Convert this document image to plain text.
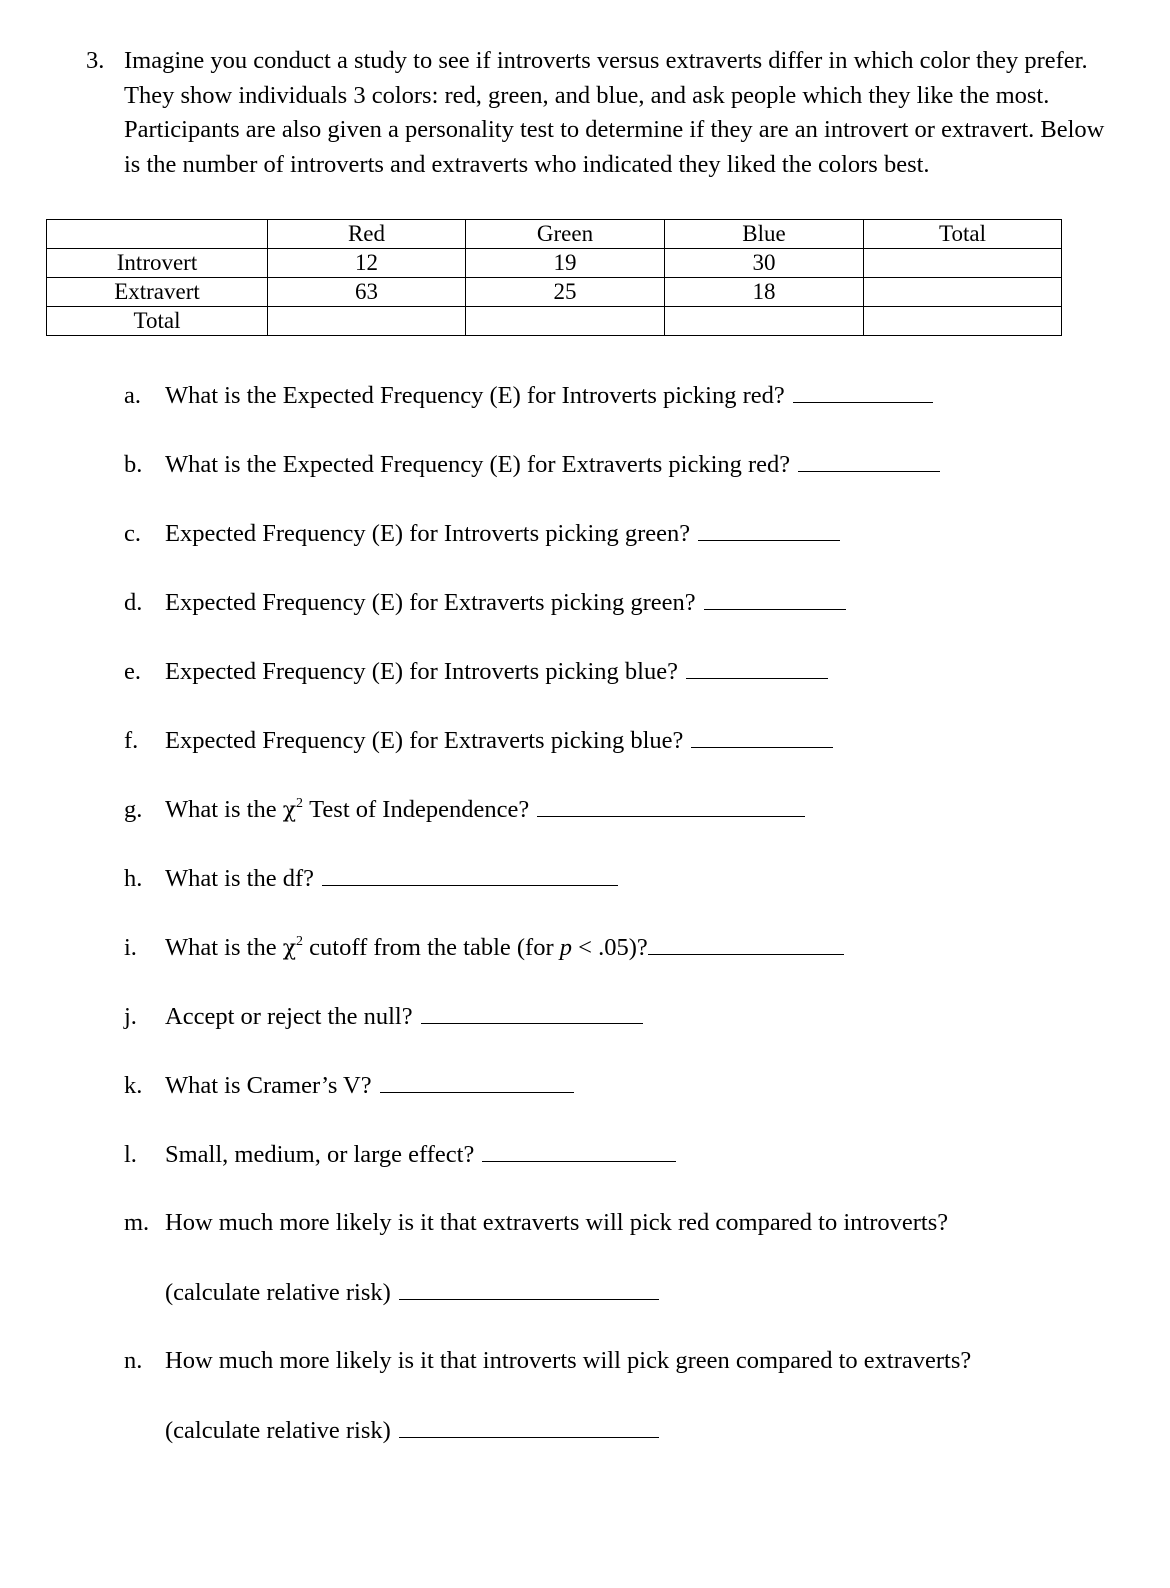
3. Imagine you conduct a study to see if introverts versus extraverts differ in which color they prefer. They show individuals 3 colors: red, green, and blue, and ask people which they like the most. Participants are also given a personality test to determine if they are an introvert or extravert. Below is the number of introverts and extraverts who indicated they liked the colors best.
	Red	Green	Blue	Total
Introvert	12	19	30	
Extravert	63	25	18	
Total				
a. What is the Expected Frequency (E) for Introverts picking red?
b. What is the Expected Frequency (E) for Extraverts picking red?
c. Expected Frequency (E) for Introverts picking green?
d. Expected Frequency (E) for Extraverts picking green?
e. Expected Frequency (E) for Introverts picking blue?
f. Expected Frequency (E) for Extraverts picking blue?
g. What is the $\chi^2$ Test of Independence?
h. What is the df?
i. What is the $\chi^2$ cutoff from the table (for p < .05)?
j. Accept or reject the null?
k. What is Cramer’s V?
l. Small, medium, or large effect?
m. How much more likely is it that extraverts will pick red compared to introverts?
(calculate relative risk)
n. How much more likely is it that introverts will pick green compared to extraverts?
(calculate relative risk)
